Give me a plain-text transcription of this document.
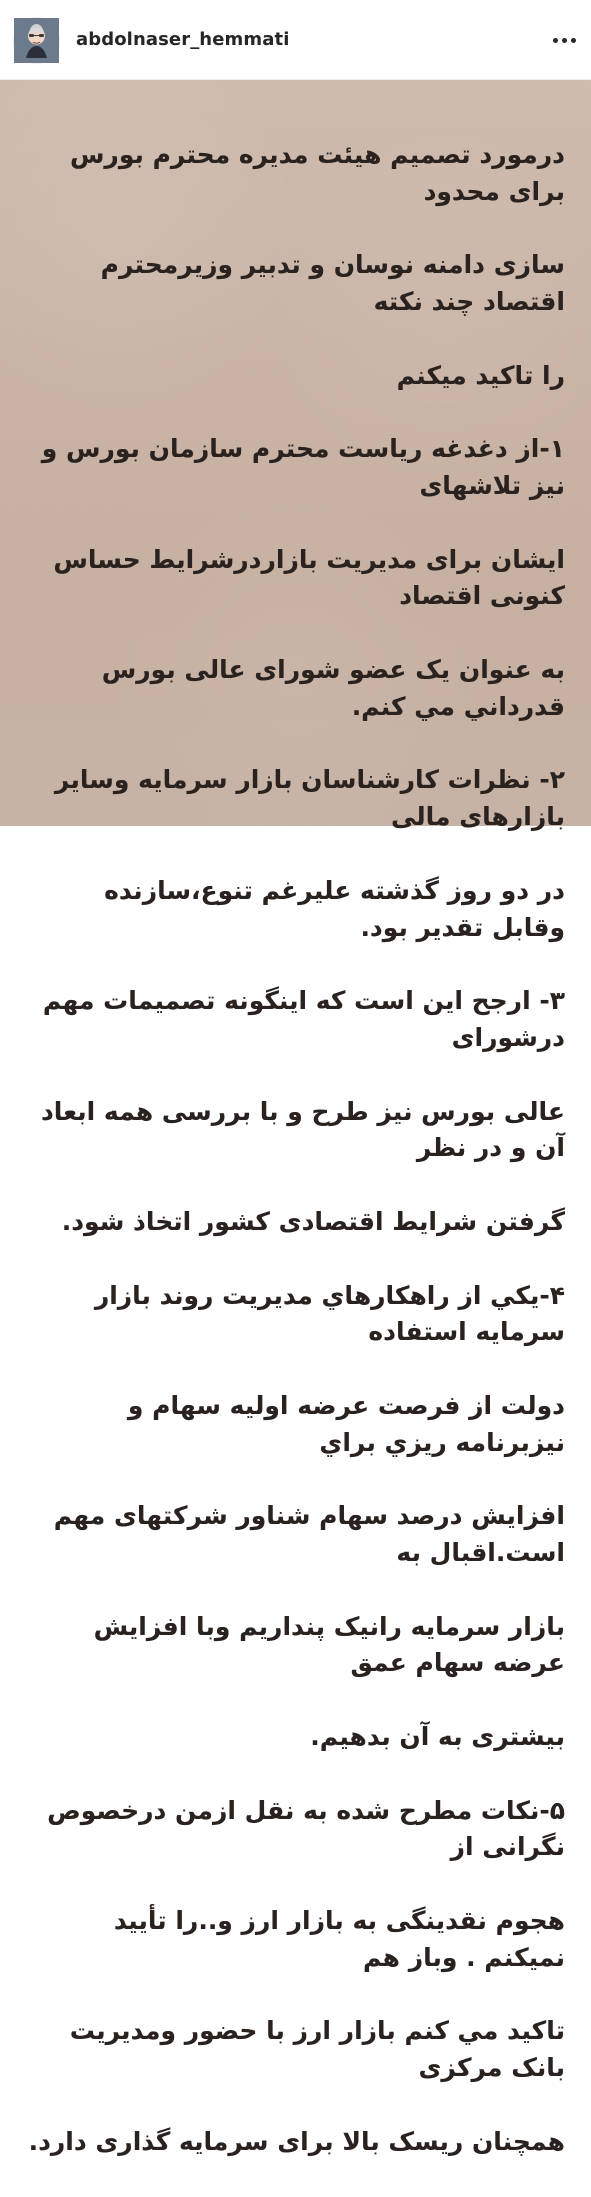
abdolnaser_hemmati

درمورد تصمیم هیئت مدیره محترم بورس برای محدود

سازی دامنه نوسان و تدبیر وزیرمحترم اقتصاد چند نکته

را تاکید میکنم

۱-از دغدغه ریاست محترم سازمان بورس و نیز تلاشهای

ایشان برای مدیریت بازاردرشرایط حساس کنونی اقتصاد

به عنوان یک عضو شورای عالی بورس قدرداني مي كنم.

۲- نظرات کارشناسان بازار سرمایه وسایر بازارهای مالی

در دو روز گذشته علیرغم تنوع،سازنده وقابل تقدیر بود.

۳- ارجح این است که اینگونه تصمیمات مهم درشورای

عالی بورس نیز طرح و با بررسی همه ابعاد آن و در نظر

گرفتن شرایط اقتصادی کشور اتخاذ شود.

۴-يكي از راهكارهاي مديريت روند بازار سرمايه استفاده

دولت از فرصت عرضه اولیه سهام و نیزبرنامه ريزي براي

افزایش درصد سهام شناور شرکتهای مهم است.اقبال به

بازار سرمایه رانیک پنداریم وبا افزایش عرضه سهام عمق

بیشتری به آن بدهیم.

۵-نکات مطرح شده به نقل ازمن درخصوص نگرانی از

هجوم نقدینگی به بازار ارز و..را تأیید نمیکنم . وباز هم

تاکید مي كنم بازار ارز با حضور ومدیریت بانک مرکزی

همچنان ریسک بالا برای سرمایه گذاری دارد.
